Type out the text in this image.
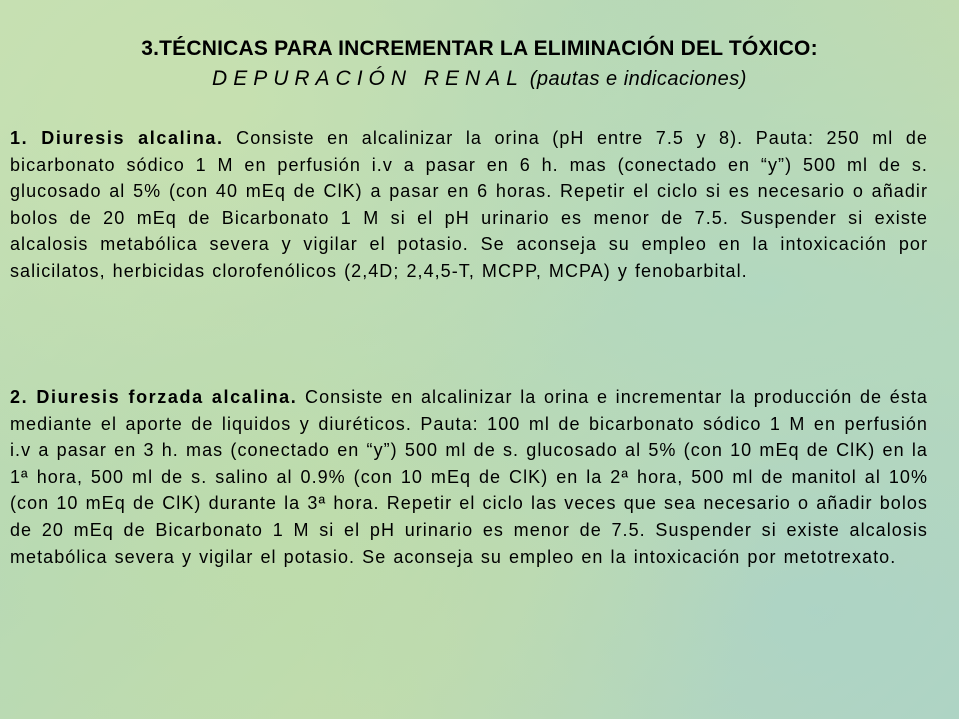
3.TÉCNICAS PARA INCREMENTAR LA ELIMINACIÓN DEL TÓXICO:
DEPURACIÓN RENAL (pautas e indicaciones)

1. Diuresis alcalina. Consiste en alcalinizar la orina (pH entre 7.5 y 8). Pauta: 250 ml de bicarbonato sódico 1 M en perfusión i.v a pasar en 6 h. mas (conectado en “y”) 500 ml de s. glucosado al 5% (con 40 mEq de ClK) a pasar en 6 horas. Repetir el ciclo si es necesario o añadir bolos de 20 mEq de Bicarbonato 1 M si el pH urinario es menor de 7.5. Suspender si existe alcalosis metabólica severa y vigilar el potasio. Se aconseja su empleo en la intoxicación por salicilatos, herbicidas clorofenólicos (2,4D; 2,4,5-T, MCPP, MCPA) y fenobarbital.

2. Diuresis forzada alcalina. Consiste en alcalinizar la orina e incrementar la producción de ésta mediante el aporte de liquidos y diuréticos. Pauta: 100 ml de bicarbonato sódico 1 M en perfusión i.v a pasar en 3 h. mas (conectado en “y”) 500 ml de s. glucosado al 5% (con 10 mEq de ClK) en la 1ª hora, 500 ml de s. salino al 0.9% (con 10 mEq de ClK) en la 2ª hora, 500 ml de manitol al 10% (con 10 mEq de ClK) durante la 3ª hora. Repetir el ciclo las veces que sea necesario o añadir bolos de 20 mEq de Bicarbonato 1 M si el pH urinario es menor de 7.5. Suspender si existe alcalosis metabólica severa y vigilar el potasio. Se aconseja su empleo en la intoxicación por metotrexato.
